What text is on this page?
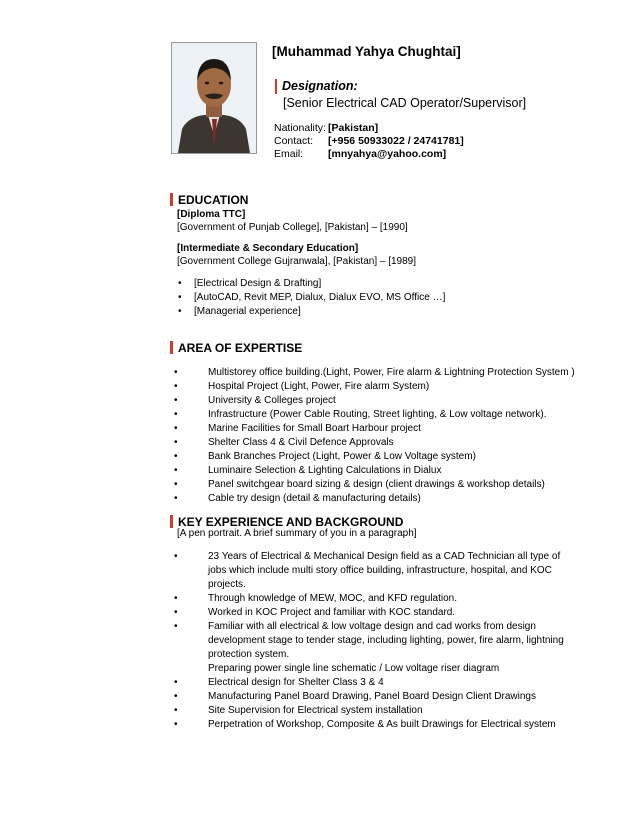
[Muhammad Yahya Chughtai]
Designation:
[Senior Electrical CAD Operator/Supervisor]
Nationality: [Pakistan]
Contact: [+956 50933022 / 24741781]
Email: [mnyahya@yahoo.com]
EDUCATION
[Diploma TTC]
[Government of Punjab College], [Pakistan] – [1990]
[Intermediate & Secondary Education]
[Government College Gujranwala], [Pakistan] – [1989]
• [Electrical Design & Drafting]
• [AutoCAD, Revit MEP, Dialux, Dialux EVO, MS Office …]
• [Managerial experience]
AREA OF EXPERTISE
• Multistorey office building.(Light, Power, Fire alarm & Lightning Protection System )
• Hospital Project (Light, Power, Fire alarm System)
• University & Colleges project
• Infrastructure (Power Cable Routing, Street lighting, & Low voltage network).
• Marine Facilities for Small Boart Harbour project
• Shelter Class 4 & Civil Defence Approvals
• Bank Branches Project (Light, Power & Low Voltage system)
• Luminaire Selection & Lighting Calculations in Dialux
• Panel switchgear board sizing & design (client drawings & workshop details)
• Cable try design (detail & manufacturing details)
KEY EXPERIENCE AND BACKGROUND
[A pen portrait. A brief summary of you in a paragraph]
• 23 Years of Electrical & Mechanical Design field as a CAD Technician all type of
jobs which include multi story office building, infrastructure, hospital, and KOC
projects.
• Through knowledge of MEW, MOC, and KFD regulation.
• Worked in KOC Project and familiar with KOC standard.
• Familiar with all electrical & low voltage design and cad works from design
development stage to tender stage, including lighting, power, fire alarm, lightning
protection system.
Preparing power single line schematic / Low voltage riser diagram
• Electrical design for Shelter Class 3 & 4
• Manufacturing Panel Board Drawing, Panel Board Design Client Drawings
• Site Supervision for Electrical system installation
• Perpetration of Workshop, Composite & As built Drawings for Electrical system
